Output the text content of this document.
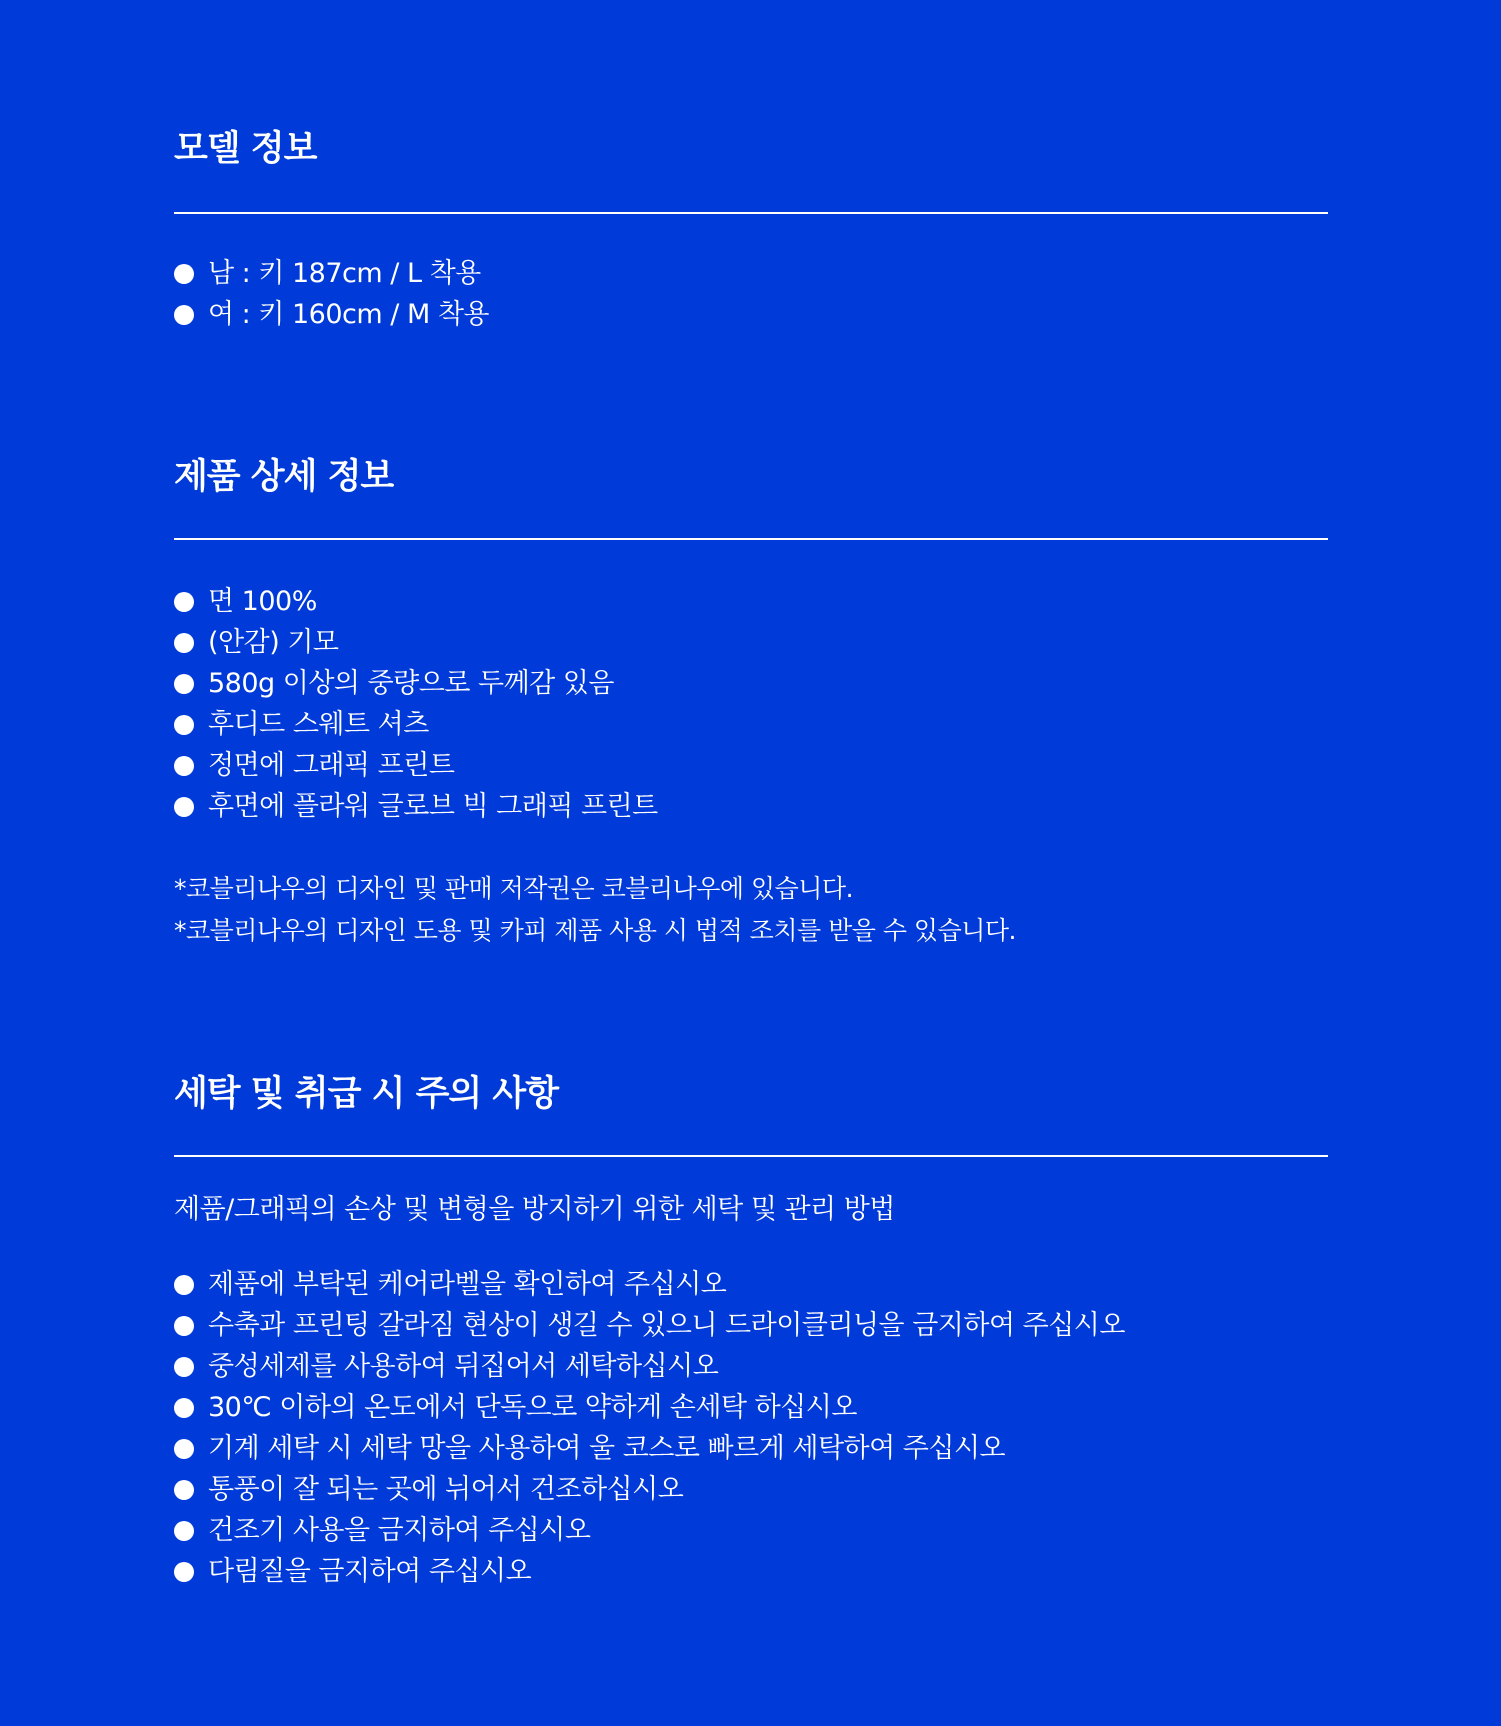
모델 정보
남 : 키 187cm / L 착용
여 : 키 160cm / M 착용
제품 상세 정보
면 100%
(안감) 기모
580g 이상의 중량으로 두께감 있음
후디드 스웨트 셔츠
정면에 그래픽 프린트
후면에 플라워 글로브 빅 그래픽 프린트
*코블리나우의 디자인 및 판매 저작권은 코블리나우에 있습니다.
*코블리나우의 디자인 도용 및 카피 제품 사용 시 법적 조치를 받을 수 있습니다.
세탁 및 취급 시 주의 사항
제품/그래픽의 손상 및 변형을 방지하기 위한 세탁 및 관리 방법
제품에 부탁된 케어라벨을 확인하여 주십시오
수축과 프린팅 갈라짐 현상이 생길 수 있으니 드라이클리닝을 금지하여 주십시오
중성세제를 사용하여 뒤집어서 세탁하십시오
30℃ 이하의 온도에서 단독으로 약하게 손세탁 하십시오
기계 세탁 시 세탁 망을 사용하여 울 코스로 빠르게 세탁하여 주십시오
통풍이 잘 되는 곳에 뉘어서 건조하십시오
건조기 사용을 금지하여 주십시오
다림질을 금지하여 주십시오
